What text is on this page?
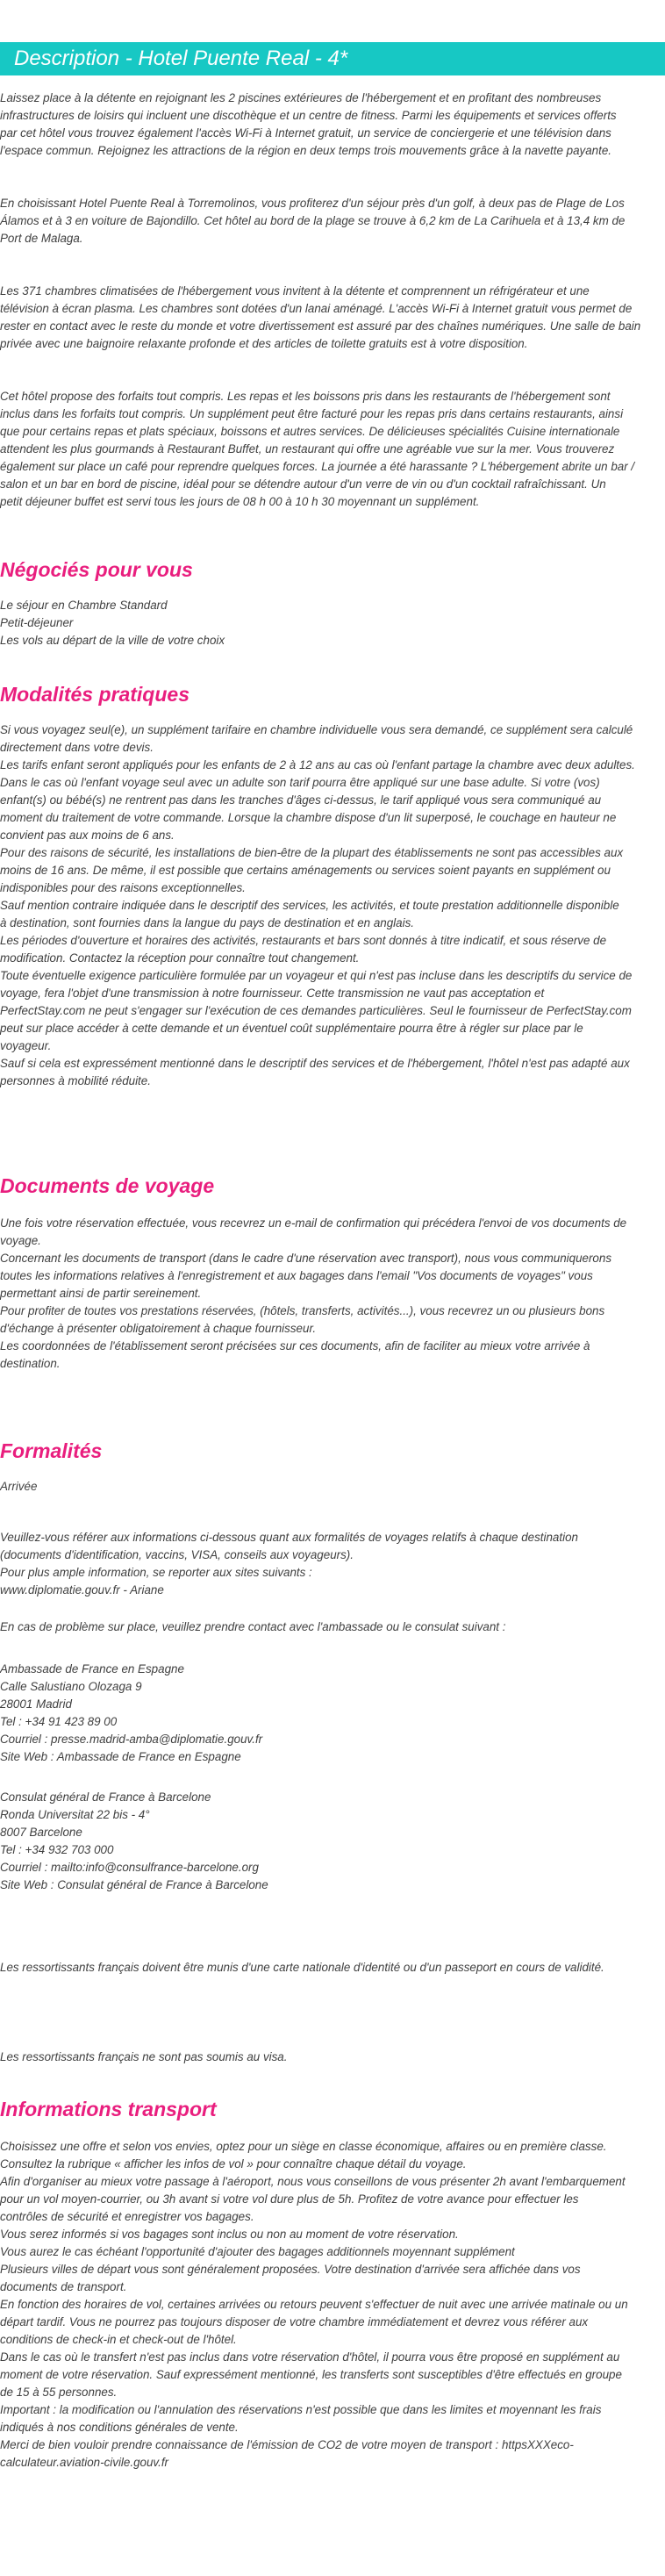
Description - Hotel Puente Real - 4*
Laissez place à la détente en rejoignant les 2 piscines extérieures de l'hébergement et en profitant des nombreuses
infrastructures de loisirs qui incluent une discothèque et un centre de fitness. Parmi les équipements et services offerts
par cet hôtel vous trouvez également l'accès Wi-Fi à Internet gratuit, un service de conciergerie et une télévision dans
l'espace commun. Rejoignez les attractions de la région en deux temps trois mouvements grâce à la navette payante.
En choisissant Hotel Puente Real à Torremolinos, vous profiterez d'un séjour près d'un golf, à deux pas de Plage de Los
Álamos et à 3 en voiture de Bajondillo. Cet hôtel au bord de la plage se trouve à 6,2 km de La Carihuela et à 13,4 km de
Port de Malaga.
Les 371 chambres climatisées de l'hébergement vous invitent à la détente et comprennent un réfrigérateur et une
télévision à écran plasma. Les chambres sont dotées d'un lanai aménagé. L'accès Wi-Fi à Internet gratuit vous permet de
rester en contact avec le reste du monde et votre divertissement est assuré par des chaînes numériques. Une salle de bain
privée avec une baignoire relaxante profonde et des articles de toilette gratuits est à votre disposition.
Cet hôtel propose des forfaits tout compris. Les repas et les boissons pris dans les restaurants de l'hébergement sont
inclus dans les forfaits tout compris. Un supplément peut être facturé pour les repas pris dans certains restaurants, ainsi
que pour certains repas et plats spéciaux, boissons et autres services. De délicieuses spécialités Cuisine internationale
attendent les plus gourmands à Restaurant Buffet, un restaurant qui offre une agréable vue sur la mer. Vous trouverez
également sur place un café pour reprendre quelques forces. La journée a été harassante ? L'hébergement abrite un bar /
salon et un bar en bord de piscine, idéal pour se détendre autour d'un verre de vin ou d'un cocktail rafraîchissant. Un
petit déjeuner buffet est servi tous les jours de 08 h 00 à 10 h 30 moyennant un supplément.
Négociés pour vous
Le séjour en Chambre Standard
Petit-déjeuner
Les vols au départ de la ville de votre choix
Modalités pratiques
Si vous voyagez seul(e), un supplément tarifaire en chambre individuelle vous sera demandé, ce supplément sera calculé
directement dans votre devis.
Les tarifs enfant seront appliqués pour les enfants de 2 à 12 ans au cas où l'enfant partage la chambre avec deux adultes.
Dans le cas où l'enfant voyage seul avec un adulte son tarif pourra être appliqué sur une base adulte. Si votre (vos)
enfant(s) ou bébé(s) ne rentrent pas dans les tranches d'âges ci-dessus, le tarif appliqué vous sera communiqué au
moment du traitement de votre commande. Lorsque la chambre dispose d'un lit superposé, le couchage en hauteur ne
convient pas aux moins de 6 ans.
Pour des raisons de sécurité, les installations de bien-être de la plupart des établissements ne sont pas accessibles aux
moins de 16 ans. De même, il est possible que certains aménagements ou services soient payants en supplément ou
indisponibles pour des raisons exceptionnelles.
Sauf mention contraire indiquée dans le descriptif des services, les activités, et toute prestation additionnelle disponible
à destination, sont fournies dans la langue du pays de destination et en anglais.
Les périodes d'ouverture et horaires des activités, restaurants et bars sont donnés à titre indicatif, et sous réserve de
modification. Contactez la réception pour connaître tout changement.
Toute éventuelle exigence particulière formulée par un voyageur et qui n'est pas incluse dans les descriptifs du service de
voyage, fera l'objet d'une transmission à notre fournisseur. Cette transmission ne vaut pas acceptation et
PerfectStay.com ne peut s'engager sur l'exécution de ces demandes particulières. Seul le fournisseur de PerfectStay.com
peut sur place accéder à cette demande et un éventuel coût supplémentaire pourra être à régler sur place par le
voyageur.
Sauf si cela est expressément mentionné dans le descriptif des services et de l'hébergement, l'hôtel n'est pas adapté aux
personnes à mobilité réduite.
Documents de voyage
Une fois votre réservation effectuée, vous recevrez un e-mail de confirmation qui précédera l'envoi de vos documents de
voyage.
Concernant les documents de transport (dans le cadre d'une réservation avec transport), nous vous communiquerons
toutes les informations relatives à l'enregistrement et aux bagages dans l'email "Vos documents de voyages" vous
permettant ainsi de partir sereinement.
Pour profiter de toutes vos prestations réservées, (hôtels, transferts, activités...), vous recevrez un ou plusieurs bons
d'échange à présenter obligatoirement à chaque fournisseur.
Les coordonnées de l'établissement seront précisées sur ces documents, afin de faciliter au mieux votre arrivée à
destination.
Formalités
Arrivée
Veuillez-vous référer aux informations ci-dessous quant aux formalités de voyages relatifs à chaque destination
(documents d'identification, vaccins, VISA, conseils aux voyageurs).
Pour plus ample information, se reporter aux sites suivants :
www.diplomatie.gouv.fr - Ariane
En cas de problème sur place, veuillez prendre contact avec l'ambassade ou le consulat suivant :
Ambassade de France en Espagne
Calle Salustiano Olozaga 9
28001 Madrid
Tel : +34 91 423 89 00
Courriel : presse.madrid-amba@diplomatie.gouv.fr
Site Web : Ambassade de France en Espagne
Consulat général de France à Barcelone
Ronda Universitat 22 bis - 4°
8007 Barcelone
Tel : +34 932 703 000
Courriel : mailto:info@consulfrance-barcelone.org
Site Web : Consulat général de France à Barcelone
Les ressortissants français doivent être munis d'une carte nationale d'identité ou d'un passeport en cours de validité.
Les ressortissants français ne sont pas soumis au visa.
Informations transport
Choisissez une offre et selon vos envies, optez pour un siège en classe économique, affaires ou en première classe.
Consultez la rubrique « afficher les infos de vol » pour connaître chaque détail du voyage.
Afin d'organiser au mieux votre passage à l'aéroport, nous vous conseillons de vous présenter 2h avant l'embarquement
pour un vol moyen-courrier, ou 3h avant si votre vol dure plus de 5h. Profitez de votre avance pour effectuer les
contrôles de sécurité et enregistrer vos bagages.
Vous serez informés si vos bagages sont inclus ou non au moment de votre réservation.
Vous aurez le cas échéant l'opportunité d'ajouter des bagages additionnels moyennant supplément
Plusieurs villes de départ vous sont généralement proposées. Votre destination d'arrivée sera affichée dans vos
documents de transport.
En fonction des horaires de vol, certaines arrivées ou retours peuvent s'effectuer de nuit avec une arrivée matinale ou un
départ tardif. Vous ne pourrez pas toujours disposer de votre chambre immédiatement et devrez vous référer aux
conditions de check-in et check-out de l'hôtel.
Dans le cas où le transfert n'est pas inclus dans votre réservation d'hôtel, il pourra vous être proposé en supplément au
moment de votre réservation. Sauf expressément mentionné, les transferts sont susceptibles d'être effectués en groupe
de 15 à 55 personnes.
Important : la modification ou l'annulation des réservations n'est possible que dans les limites et moyennant les frais
indiqués à nos conditions générales de vente.
Merci de bien vouloir prendre connaissance de l'émission de CO2 de votre moyen de transport : httpsXXXeco-
calculateur.aviation-civile.gouv.fr
